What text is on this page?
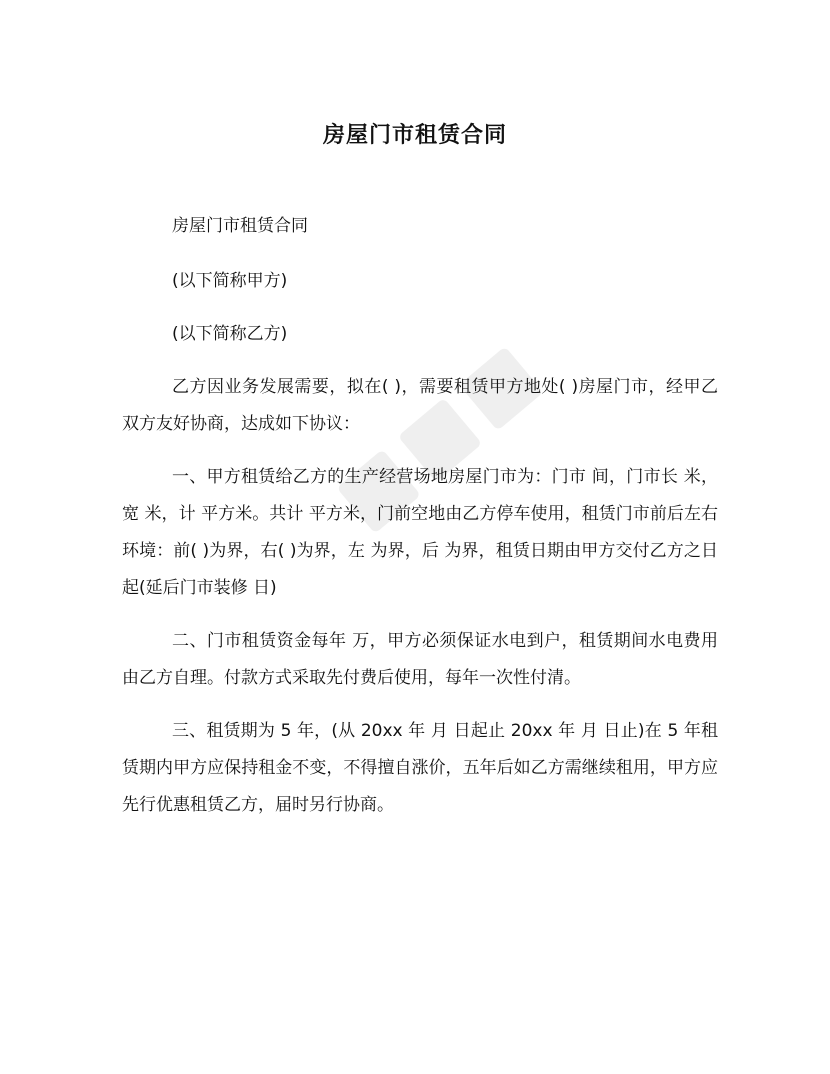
房屋门市租赁合同

房屋门市租赁合同

(以下简称甲方)

(以下简称乙方)

乙方因业务发展需要，拟在( )，需要租赁甲方地处( )房屋门市，经甲乙双方友好协商，达成如下协议：

一、甲方租赁给乙方的生产经营场地房屋门市为：门市 间，门市长 米，宽 米，计 平方米。共计 平方米，门前空地由乙方停车使用，租赁门市前后左右环境：前( )为界，右( )为界，左 为界，后 为界，租赁日期由甲方交付乙方之日起(延后门市装修 日)

二、门市租赁资金每年 万，甲方必须保证水电到户，租赁期间水电费用由乙方自理。付款方式采取先付费后使用，每年一次性付清。

三、租赁期为 5 年，(从 20xx 年 月 日起止 20xx 年 月 日止)在 5 年租赁期内甲方应保持租金不变，不得擅自涨价，五年后如乙方需继续租用，甲方应先行优惠租赁乙方，届时另行协商。
